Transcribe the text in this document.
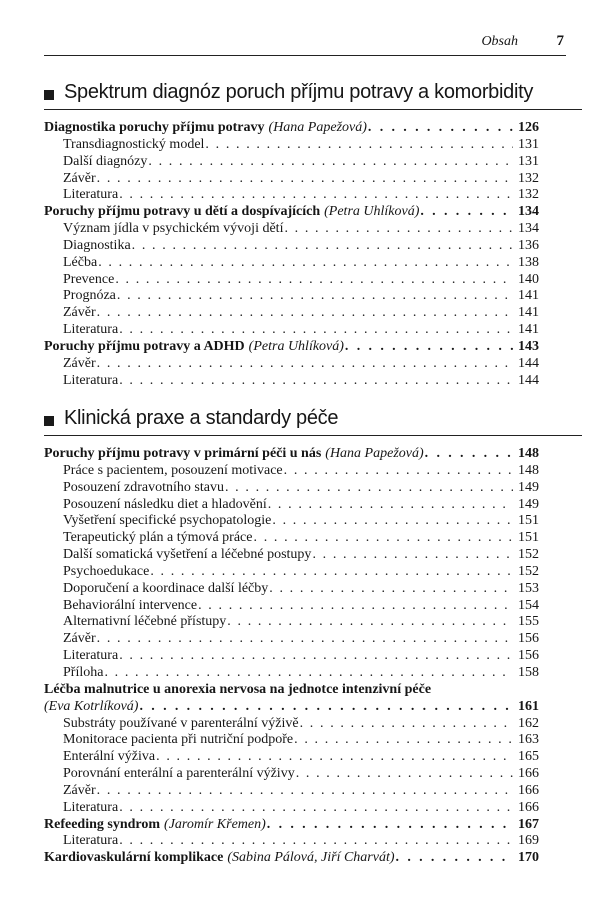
Obsah	7
Spektrum diagnóz poruch příjmu potravy a komorbidity
Diagnostika poruchy příjmu potravy (Hana Papežová) . . .	126
Transdiagnostický model . . .	131
Další diagnózy . . .	131
Závěr . . .	132
Literatura . . .	132
Poruchy příjmu potravy u dětí a dospívajících (Petra Uhlíková) . . .	134
Význam jídla v psychickém vývoji dětí . . .	134
Diagnostika . . .	136
Léčba . . .	138
Prevence . . .	140
Prognóza . . .	141
Závěr . . .	141
Literatura . . .	141
Poruchy příjmu potravy a ADHD (Petra Uhlíková) . . .	143
Závěr . . .	144
Literatura . . .	144
Klinická praxe a standardy péče
Poruchy příjmu potravy v primární péči u nás (Hana Papežová) . . .	148
Práce s pacientem, posouzení motivace . . .	148
Posouzení zdravotního stavu . . .	149
Posouzení následku diet a hladovění . . .	149
Vyšetření specifické psychopatologie . . .	151
Terapeutický plán a týmová práce . . .	151
Další somatická vyšetření a léčebné postupy . . .	152
Psychoedukace . . .	152
Doporučení a koordinace další léčby . . .	153
Behaviorální intervence . . .	154
Alternativní léčebné přístupy . . .	155
Závěr . . .	156
Literatura . . .	156
Příloha . . .	158
Léčba malnutrice u anorexia nervosa na jednotce intenzivní péče
(Eva Kotrlíková) . . .	161
Substráty používané v parenterální výživě . . .	162
Monitorace pacienta při nutriční podpoře . . .	163
Enterální výživa . . .	165
Porovnání enterální a parenterální výživy . . .	166
Závěr . . .	166
Literatura . . .	166
Refeeding syndrom (Jaromír Křemen) . . .	167
Literatura . . .	169
Kardiovaskulární komplikace (Sabina Pálová, Jiří Charvát) . . .	170
